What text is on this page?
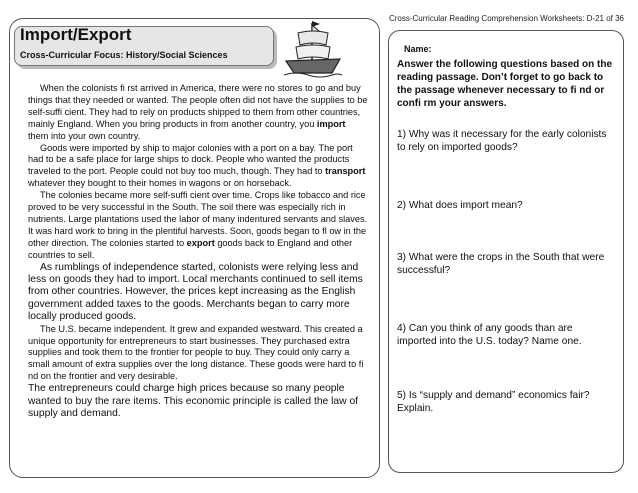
Cross-Curricular Reading Comprehension Worksheets: D-21 of 36
Import/Export
Cross-Curricular Focus: History/Social Sciences

When the colonists fi rst arrived in America, there were no stores to go and buy things that they needed or wanted. The people often did not have the supplies to be self-suffi cient. They had to rely on products shipped to them from other countries, mainly England. When you bring products in from another country, you import them into your own country.

Goods were imported by ship to major colonies with a port on a bay. The port had to be a safe place for large ships to dock. People who wanted the products traveled to the port. People could not buy too much, though. They had to transport whatever they bought to their homes in wagons or on horseback.

The colonies became more self-suffi cient over time. Crops like tobacco and rice proved to be very successful in the South. The soil there was especially rich in nutrients. Large plantations used the labor of many indentured servants and slaves. It was hard work to bring in the plentiful harvests. Soon, goods began to fl ow in the other direction. The colonies started to export goods back to England and other countries to sell.

As rumblings of independence started, colonists were relying less and less on goods they had to import. Local merchants continued to sell items from other countries. However, the prices kept increasing as the English government added taxes to the goods. Merchants began to carry more locally produced goods.

The U.S. became independent. It grew and expanded westward. This created a unique opportunity for entrepreneurs to start businesses. They purchased extra supplies and took them to the frontier for people to buy. They could only carry a small amount of extra supplies over the long distance. These goods were hard to fi nd on the frontier and very desirable.

The entrepreneurs could charge high prices because so many people wanted to buy the rare items. This economic principle is called the law of supply and demand.

Name:
Answer the following questions based on the reading passage. Don’t forget to go back to the passage whenever necessary to fi nd or confi rm your answers.
1) Why was it necessary for the early colonists to rely on imported goods?
2) What does import mean?
3) What were the crops in the South that were successful?
4) Can you think of any goods than are imported into the U.S. today? Name one.
5) Is “supply and demand” economics fair? Explain.
